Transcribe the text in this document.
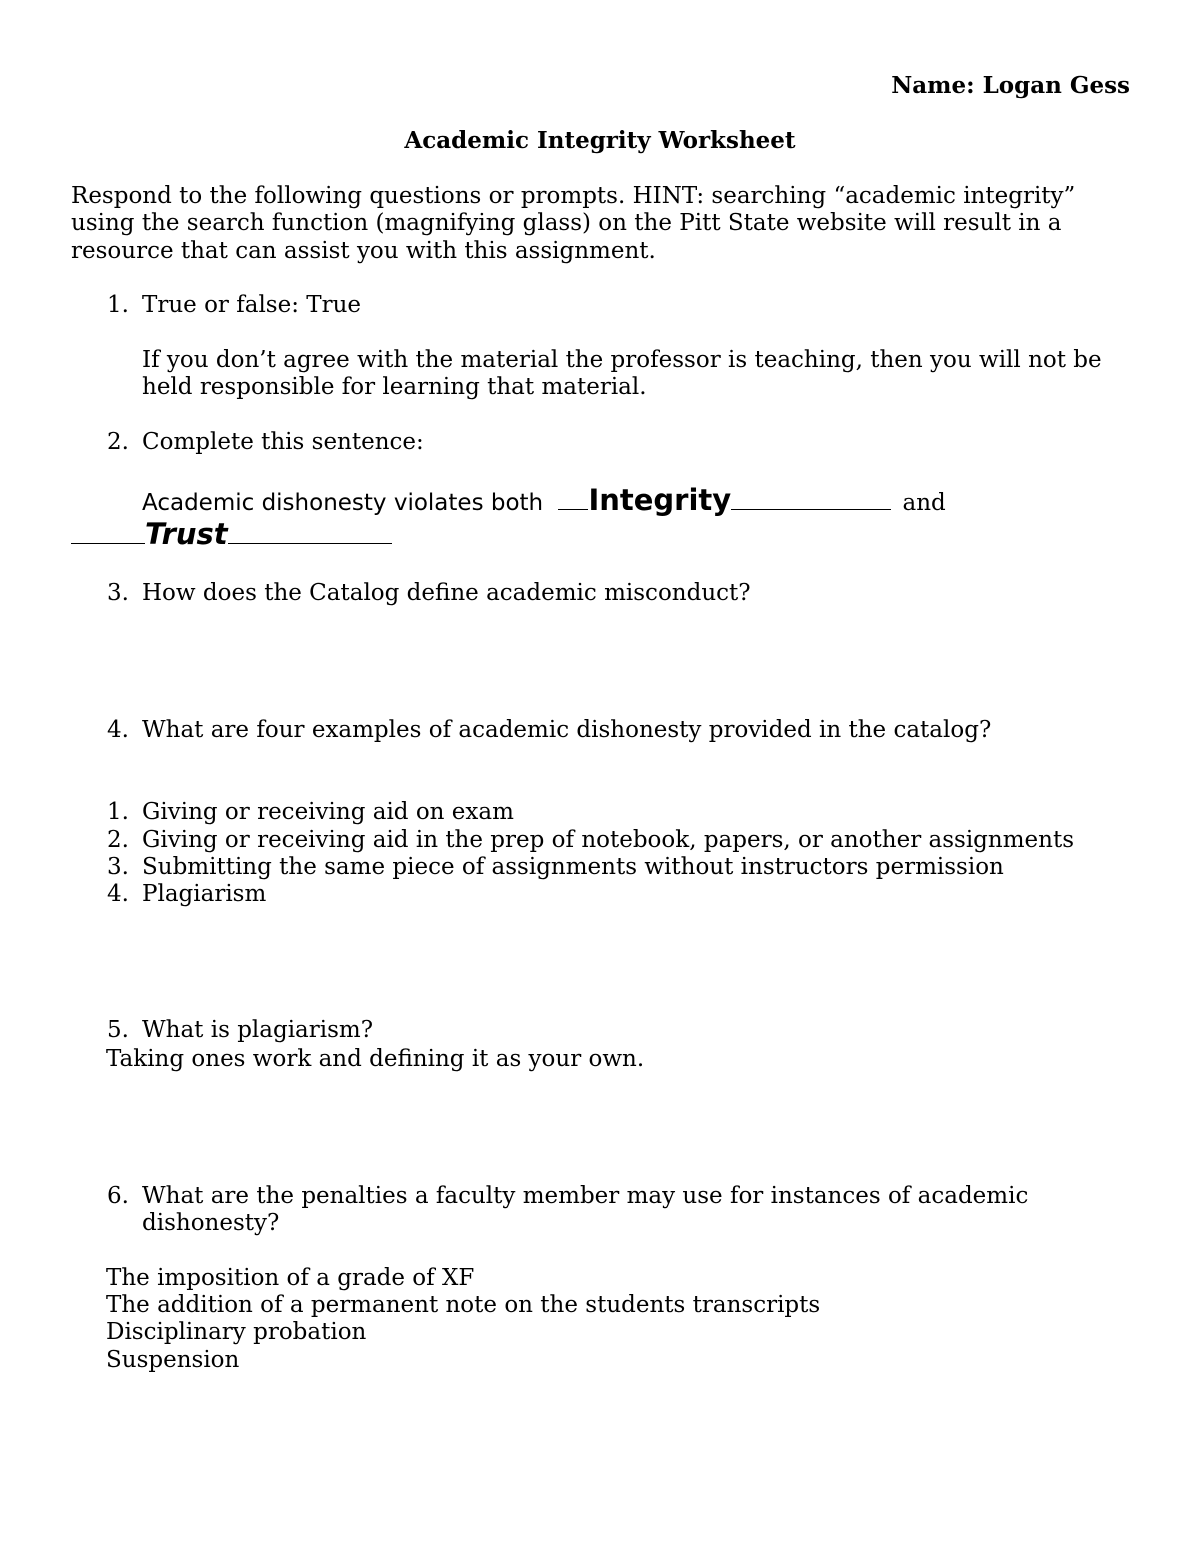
Name: Logan Gess
Academic Integrity Worksheet
Respond to the following questions or prompts. HINT: searching “academic integrity”
using the search function (magnifying glass) on the Pitt State website will result in a
resource that can assist you with this assignment.
1. True or false: True
If you don’t agree with the material the professor is teaching, then you will not be
held responsible for learning that material.
2. Complete this sentence:
Academic dishonesty violates both Integrity	and
Trust
3. How does the Catalog define academic misconduct?
4. What are four examples of academic dishonesty provided in the catalog?
1. Giving or receiving aid on exam
2. Giving or receiving aid in the prep of notebook, papers, or another assignments
3. Submitting the same piece of assignments without instructors permission
4. Plagiarism
5. What is plagiarism?
Taking ones work and defining it as your own.
6. What are the penalties a faculty member may use for instances of academic
dishonesty?
The imposition of a grade of XF
The addition of a permanent note on the students transcripts
Disciplinary probation
Suspension
